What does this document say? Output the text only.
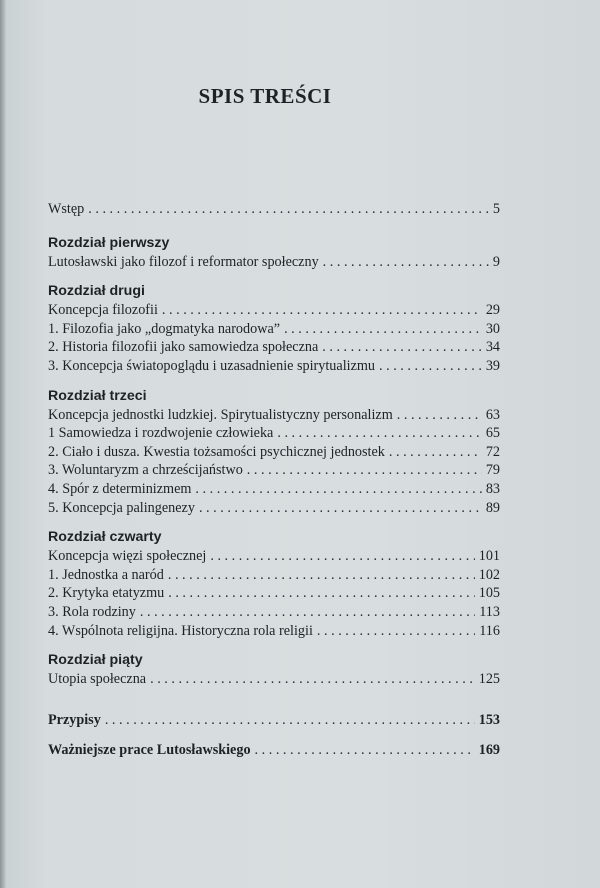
SPIS TREŚCI
Wstęp . . .	5
Rozdział pierwszy
Lutosławski jako filozof i reformator społeczny . . .	9
Rozdział drugi
Koncepcja filozofii . . .	29
1. Filozofia jako „dogmatyka narodowa” . . .	30
2. Historia filozofii jako samowiedza społeczna . . .	34
3. Koncepcja światopoglądu i uzasadnienie spirytualizmu . . .	39
Rozdział trzeci
Koncepcja jednostki ludzkiej. Spirytualistyczny personalizm . . .	63
1 Samowiedza i rozdwojenie człowieka . . .	65
2. Ciało i dusza. Kwestia tożsamości psychicznej jednostek . . .	72
3. Woluntaryzm a chrześcijaństwo . . .	79
4. Spór z determinizmem . . .	83
5. Koncepcja palingenezy . . .	89
Rozdział czwarty
Koncepcja więzi społecznej . . .	101
1. Jednostka a naród . . .	102
2. Krytyka etatyzmu . . .	105
3. Rola rodziny . . .	113
4. Wspólnota religijna. Historyczna rola religii . . .	116
Rozdział piąty
Utopia społeczna . . .	125
Przypisy . . .	153
Ważniejsze prace Lutosławskiego . . .	169
